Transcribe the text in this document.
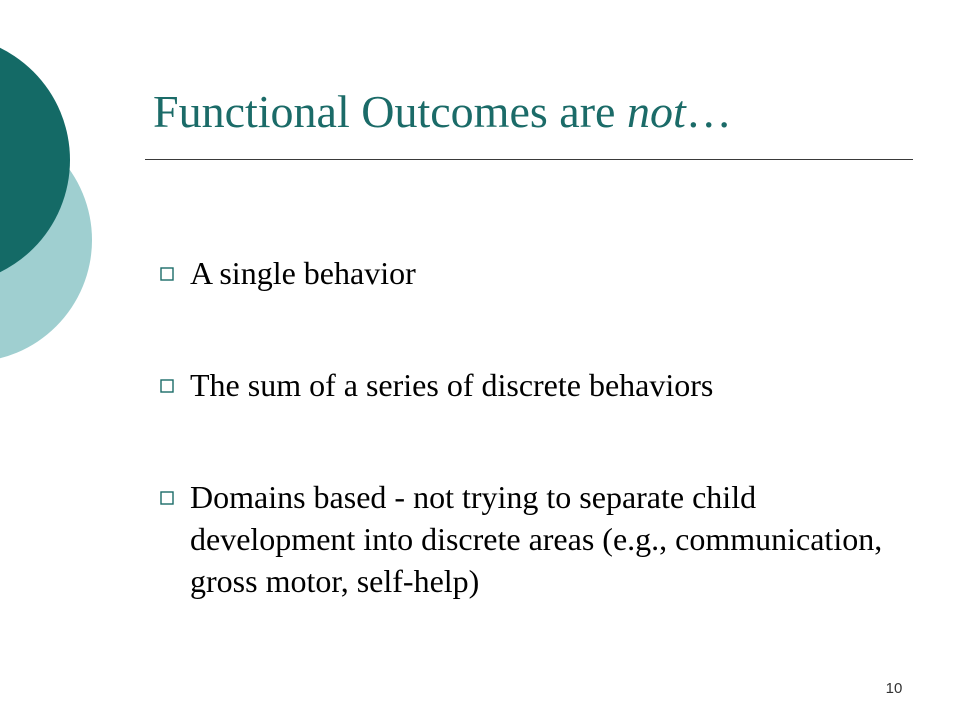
Functional Outcomes are not…
A single behavior
The sum of a series of discrete behaviors
Domains based - not trying to separate child development into discrete areas (e.g., communication, gross motor, self-help)
10
